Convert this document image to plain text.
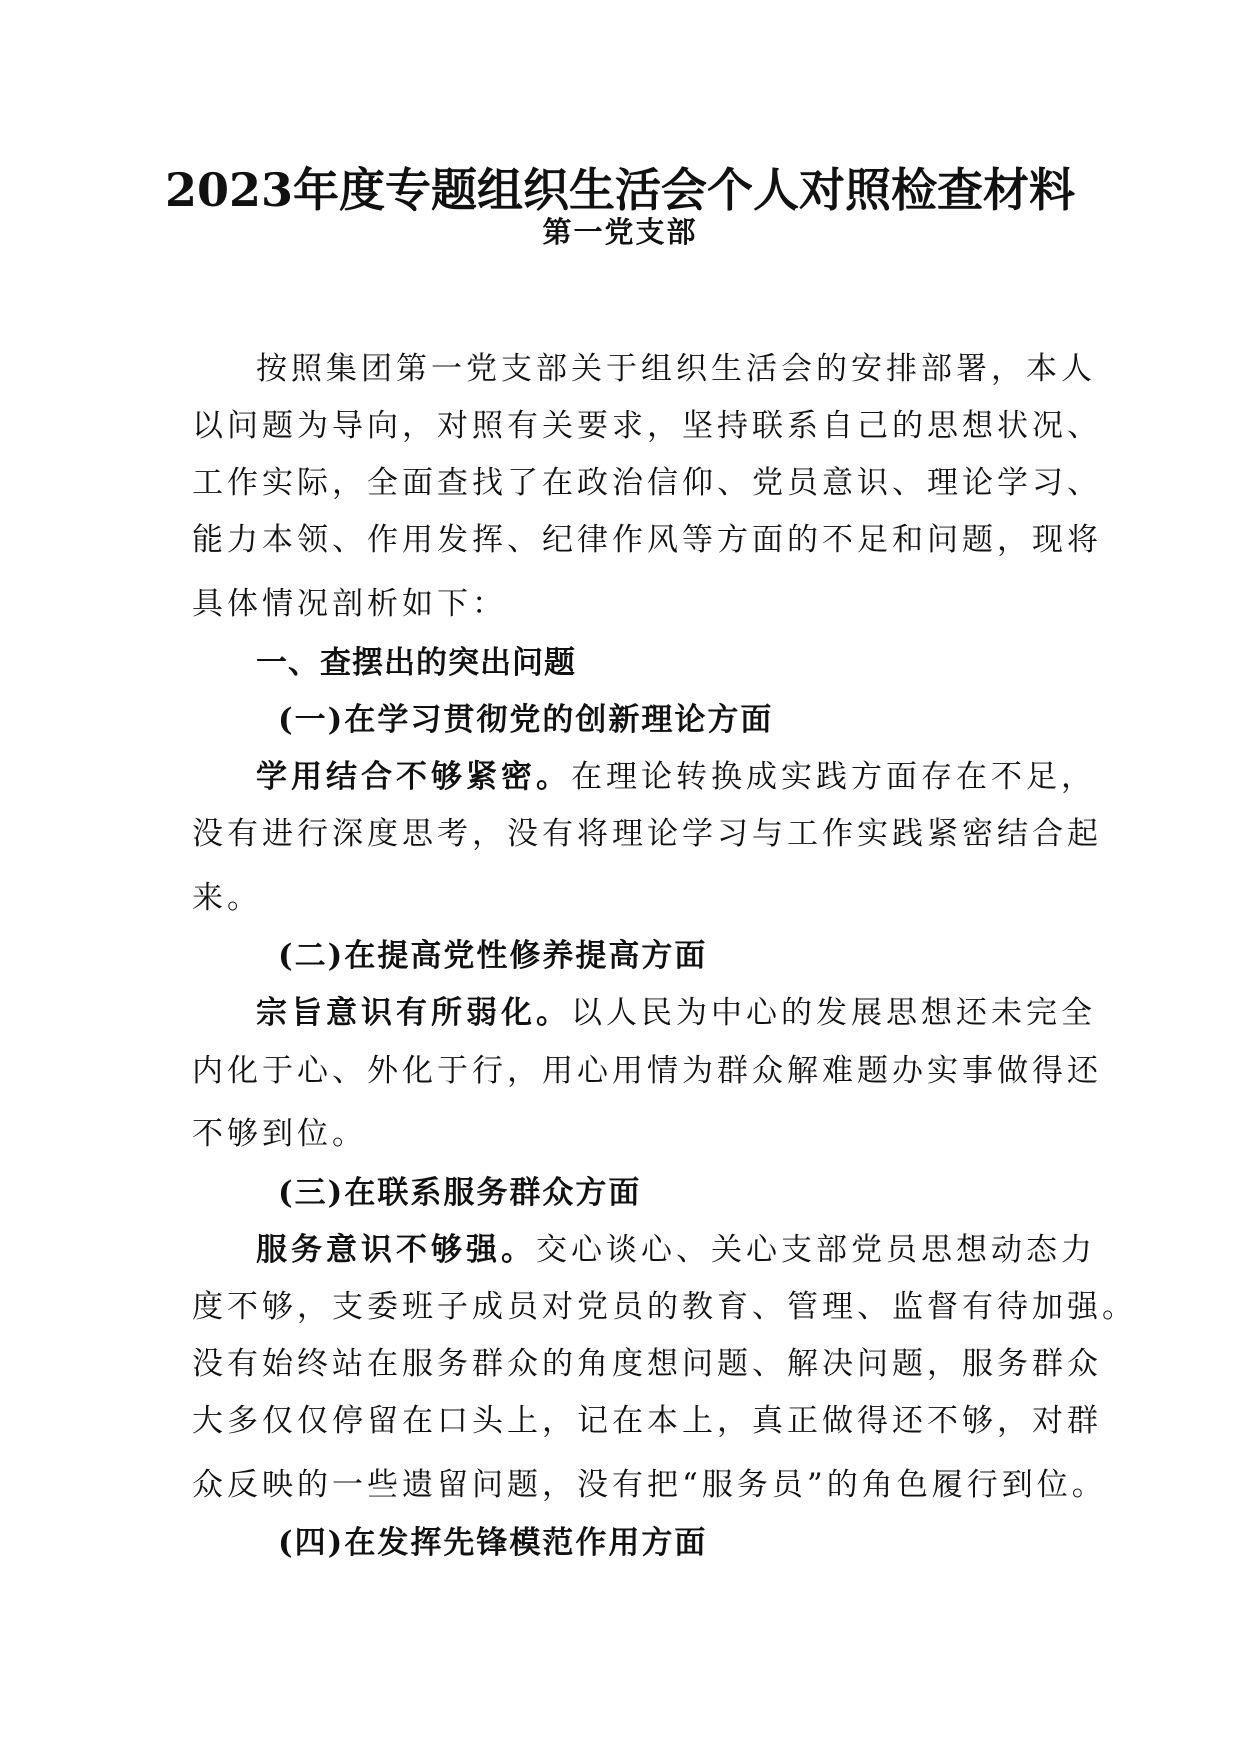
2023年度专题组织生活会个人对照检查材料
第一党支部
按照集团第一党支部关于组织生活会的安排部署，本人
以问题为导向，对照有关要求，坚持联系自己的思想状况、
工作实际，全面查找了在政治信仰、党员意识、理论学习、
能力本领、作用发挥、纪律作风等方面的不足和问题，现将
具体情况剖析如下：
一、查摆出的突出问题
(一)在学习贯彻党的创新理论方面
学用结合不够紧密。在理论转换成实践方面存在不足，
没有进行深度思考，没有将理论学习与工作实践紧密结合起
来。
(二)在提高党性修养提高方面
宗旨意识有所弱化。以人民为中心的发展思想还未完全
内化于心、外化于行，用心用情为群众解难题办实事做得还
不够到位。
(三)在联系服务群众方面
服务意识不够强。交心谈心、关心支部党员思想动态力
度不够，支委班子成员对党员的教育、管理、监督有待加强。
没有始终站在服务群众的角度想问题、解决问题，服务群众
大多仅仅停留在口头上，记在本上，真正做得还不够，对群
众反映的一些遗留问题，没有把“服务员”的角色履行到位。
(四)在发挥先锋模范作用方面
